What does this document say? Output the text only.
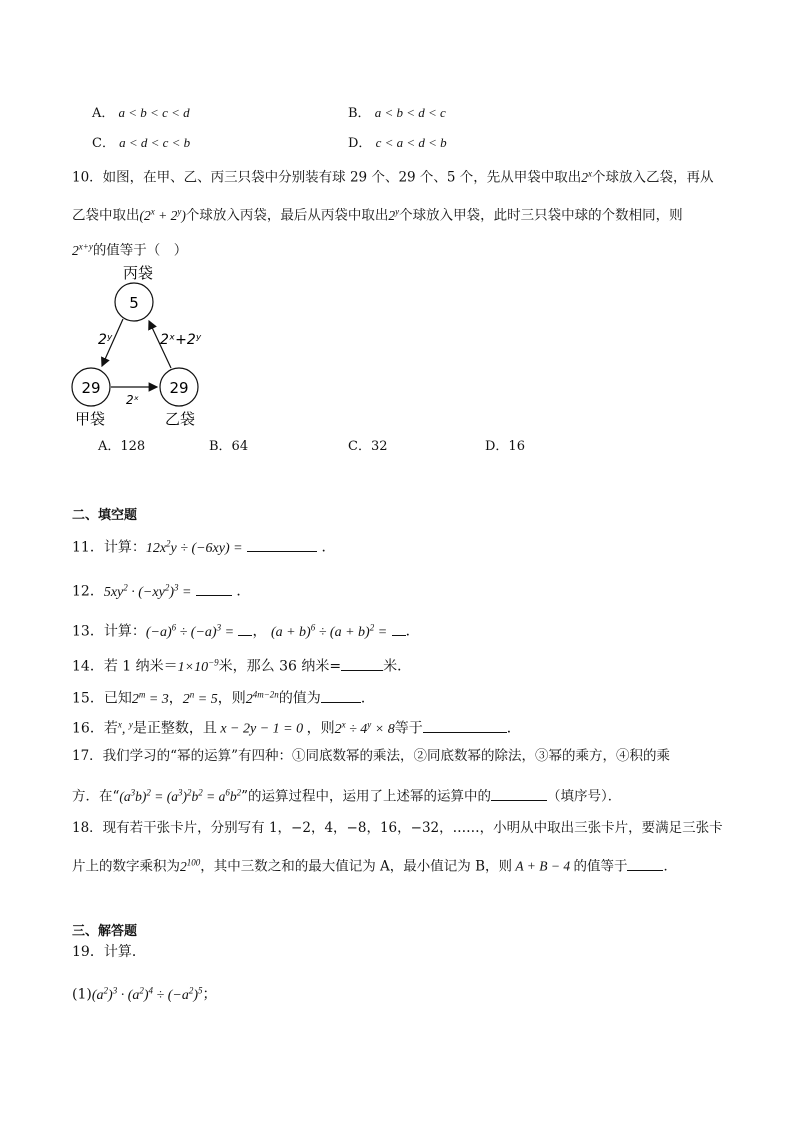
A． a < b < c < d	B． a < b < d < c
C． a < d < c < b	D． c < a < d < b
10．如图，在甲、乙、丙三只袋中分别装有球 29 个、29 个、5 个，先从甲袋中取出2$^x$个球放入乙袋，再从
乙袋中取出$(2^x + 2^y)$个球放入丙袋，最后从丙袋中取出2$^y$个球放入甲袋，此时三只袋中球的个数相同，则
$2^{x+y}$的值等于（　）
丙袋
5
29
甲袋
29
乙袋
2ʸ	2ˣ+2ʸ
2ˣ
A．128	B．64	C．32	D．16
二、填空题
11．计算：$12x^2y \div (-6xy)$ =	．
12．$5xy^2 \cdot (-xy^2)^3$ =	．
13．计算：$(-a)^6 \div (-a)^3$ = ， $(a + b)^6 \div (a + b)^2$ = ．
14．若 1 纳米$=1\times 10^{-9}$米，那么 36 纳米=	米．
15．已知$2^m = 3$，$2^n = 5$，则$2^{4m-2n}$的值为	．
16．若$^x$, $^y$是正整数，且 x − 2y − 1 = 0 ，则$2^x \div 4^y \times 8$等于	．
17．我们学习的“幂的运算”有四种：①同底数幂的乘法，②同底数幂的除法，③幂的乘方，④积的乘
方．在“$(a^3b)^2 = (a^3)^2b^2 = a^6b^2$”的运算过程中，运用了上述幂的运算中的	（填序号）．
18．现有若干张卡片，分别写有 1，−2，4，−8，16，−32，……，小明从中取出三张卡片，要满足三张卡
片上的数字乘积为$2^{100}$，其中三数之和的最大值记为 A，最小值记为 B，则 A + B − 4 的值等于	．
三、解答题
19．计算．
$(1)(a^2)^3 \cdot (a^2)^4 \div (-a^2)^5$；
